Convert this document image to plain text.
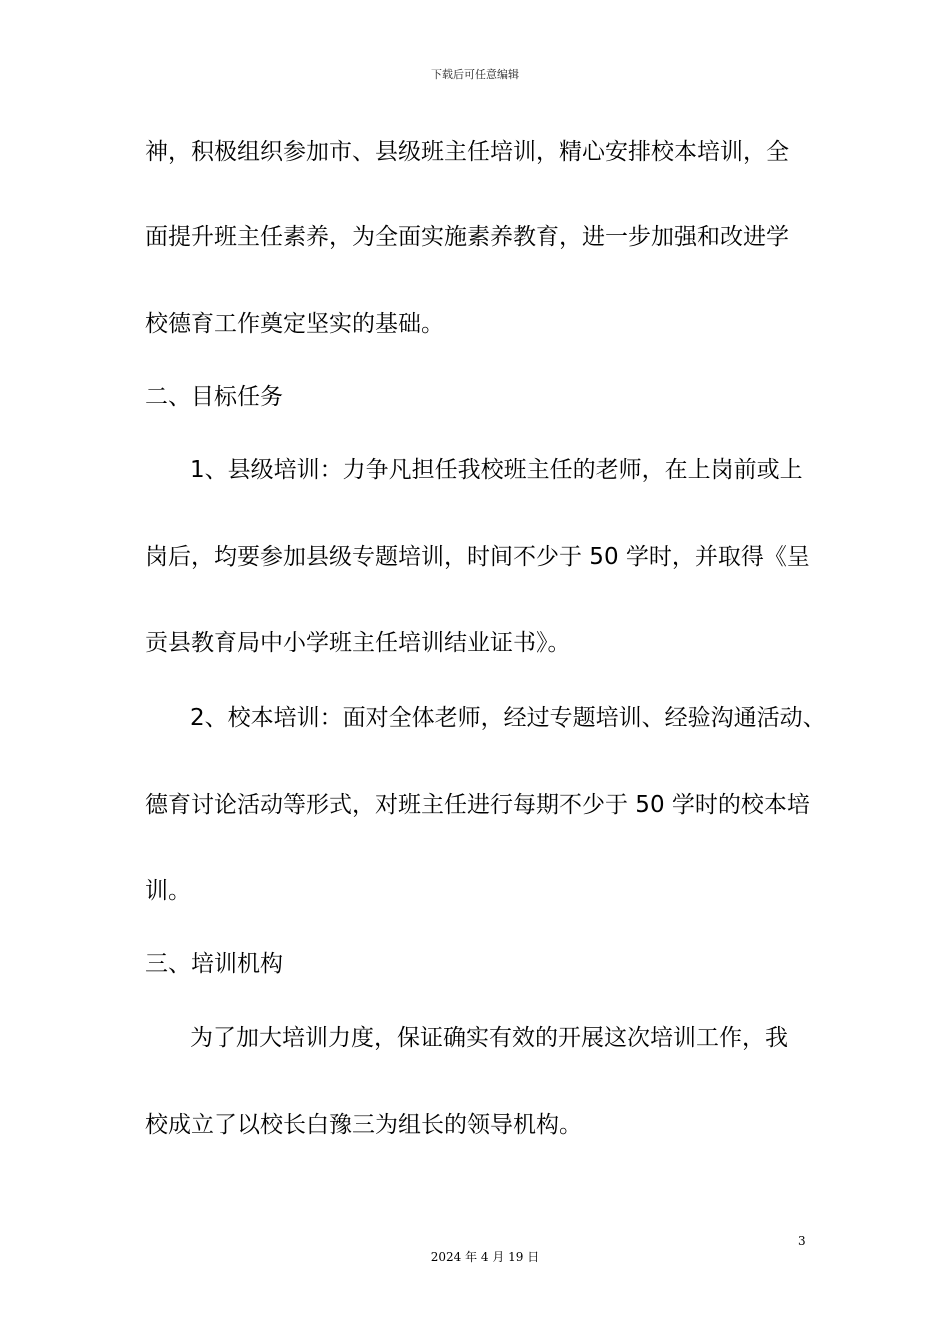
下载后可任意编辑
神，积极组织参加市、县级班主任培训，精心安排校本培训，全
面提升班主任素养，为全面实施素养教育，进一步加强和改进学
校德育工作奠定坚实的基础。
二、目标任务
1、县级培训：力争凡担任我校班主任的老师，在上岗前或上
岗后，均要参加县级专题培训，时间不少于 50 学时，并取得《呈
贡县教育局中小学班主任培训结业证书》。
2、校本培训：面对全体老师，经过专题培训、经验沟通活动、
德育讨论活动等形式，对班主任进行每期不少于 50 学时的校本培
训。
三、培训机构
为了加大培训力度，保证确实有效的开展这次培训工作，我
校成立了以校长白豫三为组长的领导机构。
3
2024 年 4 月 19 日
